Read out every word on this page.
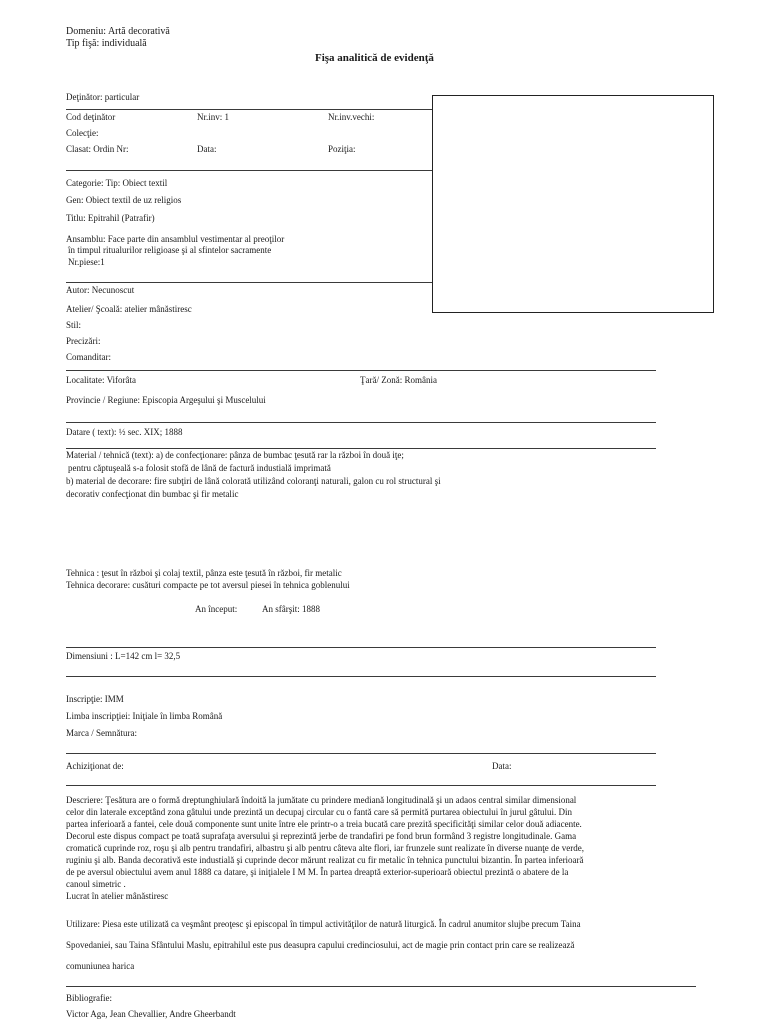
Domeniu: Artă decorativă
Tip fişă: individuală
Fişa analitică de evidenţă
Deţinător: particular
Cod deţinător	Nr.inv: 1	Nr.inv.vechi:
Colecţie:
Clasat: Ordin Nr:	Data:	Poziţia:
Categorie: Tip: Obiect textil
Gen: Obiect textil de uz religios
Titlu: Epitrahil (Patrafir)
Ansamblu: Face parte din ansamblul vestimentar al preoţilor
în timpul ritualurilor religioase şi al sfintelor sacramente
Nr.piese:1
Autor: Necunoscut
Atelier/ Şcoală: atelier mânăstiresc
Stil:
Precizări:
Comanditar:
Localitate: Viforâta	Ţară/ Zonă: România
Provincie / Regiune: Episcopia Argeşului şi Muscelului
Datare ( text): ½ sec. XIX; 1888
Material / tehnică (text): a) de confecţionare: pânza de bumbac ţesută rar la război în două iţe;
pentru căptuşeală s-a folosit stofă de lână de factură industială imprimată
b) material de decorare: fire subţiri de lână colorată utilizând coloranţi naturali, galon cu rol structural şi
decorativ confecţionat din bumbac şi fir metalic
Tehnica : ţesut în război şi colaj textil, pânza este ţesută în război, fir metalic
Tehnica decorare: cusături compacte pe tot aversul piesei în tehnica goblenului
An început:	An sfârşit: 1888
Dimensiuni : L=142 cm l= 32,5
Inscripţie: IMM
Limba inscripţiei: Iniţiale în limba Română
Marca / Semnătura:
Achiziţionat de:	Data:
Descriere: Ţesătura are o formă dreptunghiulară îndoită la jumătate cu prindere mediană longitudinală şi un adaos central similar dimensional
celor din laterale exceptând zona gâtului unde prezintă un decupaj circular cu o fantă care să permită purtarea obiectului în jurul gâtului. Din
partea inferioară a fantei, cele două componente sunt unite între ele printr-o a treia bucată care prezită specificităţi similar celor două adiacente.
Decorul este dispus compact pe toată suprafaţa aversului şi reprezintă jerbe de trandafiri pe fond brun formând 3 registre longitudinale. Gama
cromatică cuprinde roz, roşu şi alb pentru trandafiri, albastru şi alb pentru câteva alte flori, iar frunzele sunt realizate în diverse nuanţe de verde,
ruginiu şi alb. Banda decorativă este industială şi cuprinde decor mărunt realizat cu fir metalic în tehnica punctului bizantin. În partea inferioară
de pe aversul obiectului avem anul 1888 ca datare, şi iniţialele I M M. În partea dreaptă exterior-superioară obiectul prezintă o abatere de la
canoul simetric .
Lucrat în atelier mânăstiresc
Utilizare: Piesa este utilizată ca veşmânt preoţesc şi episcopal în timpul activităţilor de natură liturgică. În cadrul anumitor slujbe precum Taina
Spovedaniei, sau Taina Sfântului Maslu, epitrahilul este pus deasupra capului credinciosului, act de magie prin contact prin care se realizează
comuniunea harica
Bibliografie:
Victor Aga, Jean Chevallier, Andre Gheerbandt
